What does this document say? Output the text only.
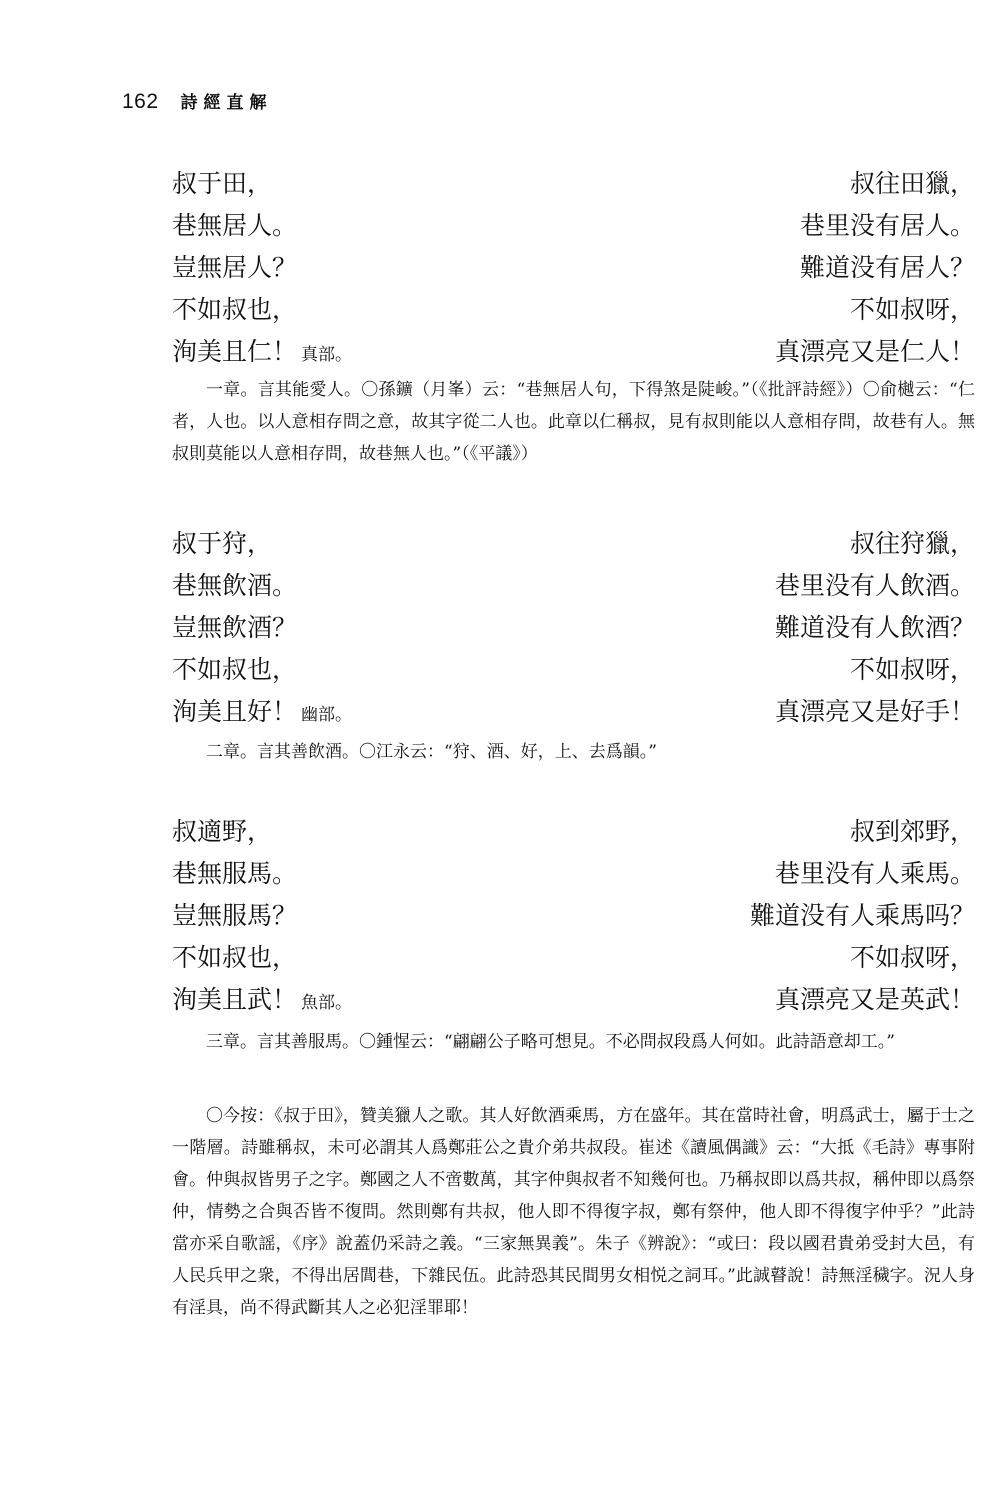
162 詩經直解
叔于田，	叔往田獵，
巷無居人。	巷里没有居人。
豈無居人？	難道没有居人？
不如叔也，	不如叔呀，
洵美且仁！ 真部。	真漂亮又是仁人！

一章。言其能愛人。〇孫鑛（月峯）云：“巷無居人句，下得煞是陡峻。”（《批評詩經》）〇俞樾云：“仁者，人也。以人意相存問之意，故其字從二人也。此章以仁稱叔，見有叔則能以人意相存問，故巷有人。無叔則莫能以人意相存問，故巷無人也。”（《平議》）

叔于狩，	叔往狩獵，
巷無飲酒。	巷里没有人飲酒。
豈無飲酒？	難道没有人飲酒？
不如叔也，	不如叔呀，
洵美且好！ 幽部。	真漂亮又是好手！

二章。言其善飲酒。〇江永云：“狩、酒、好，上、去爲韻。”

叔適野，	叔到郊野，
巷無服馬。	巷里没有人乘馬。
豈無服馬？	難道没有人乘馬吗？
不如叔也，	不如叔呀，
洵美且武！ 魚部。	真漂亮又是英武！

三章。言其善服馬。〇鍾惺云：“翩翩公子略可想見。不必問叔段爲人何如。此詩語意却工。”

〇今按：《叔于田》，贊美獵人之歌。其人好飲酒乘馬，方在盛年。其在當時社會，明爲武士，屬于士之一階層。詩雖稱叔，未可必謂其人爲鄭莊公之貴介弟共叔段。崔述《讀風偶識》云：“大抵《毛詩》專事附會。仲與叔皆男子之字。鄭國之人不啻數萬，其字仲與叔者不知幾何也。乃稱叔即以爲共叔，稱仲即以爲祭仲，情勢之合與否皆不復問。然則鄭有共叔，他人即不得復字叔，鄭有祭仲，他人即不得復字仲乎？”此詩當亦采自歌謡，《序》說蓋仍采詩之義。“三家無異義”。朱子《辨說》：“或曰：段以國君貴弟受封大邑，有人民兵甲之衆，不得出居閭巷，下雜民伍。此詩恐其民間男女相悦之詞耳。”此誠瞽說！詩無淫穢字。況人身有淫具，尚不得武斷其人之必犯淫罪耶！
